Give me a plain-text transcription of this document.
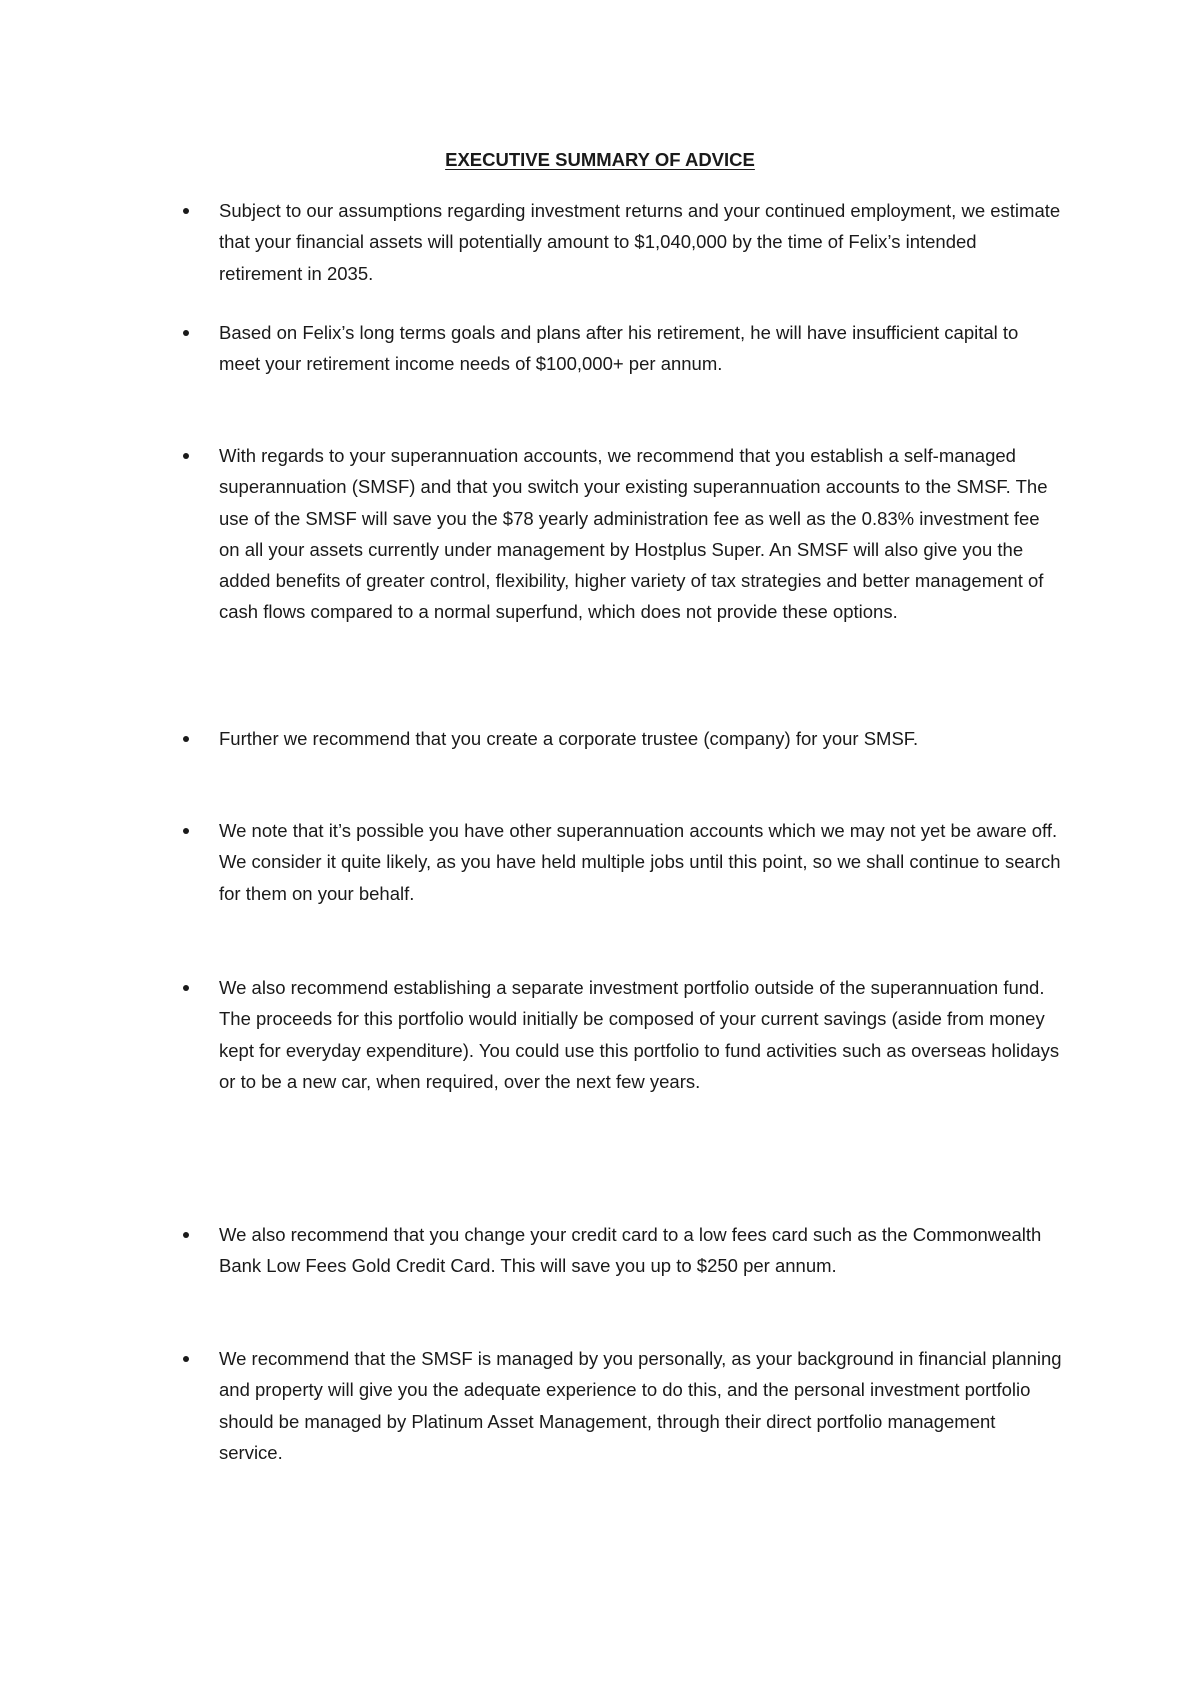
EXECUTIVE SUMMARY OF ADVICE

Subject to our assumptions regarding investment returns and your continued employment, we estimate that your financial assets will potentially amount to $1,040,000 by the time of Felix’s intended retirement in 2035.

Based on Felix’s long terms goals and plans after his retirement, he will have insufficient capital to meet your retirement income needs of $100,000+ per annum.

With regards to your superannuation accounts, we recommend that you establish a self-managed superannuation (SMSF) and that you switch your existing superannuation accounts to the SMSF. The use of the SMSF will save you the $78 yearly administration fee as well as the 0.83% investment fee on all your assets currently under management by Hostplus Super. An SMSF will also give you the added benefits of greater control, flexibility, higher variety of tax strategies and better management of cash flows compared to a normal superfund, which does not provide these options.

Further we recommend that you create a corporate trustee (company) for your SMSF.

We note that it’s possible you have other superannuation accounts which we may not yet be aware off. We consider it quite likely, as you have held multiple jobs until this point, so we shall continue to search for them on your behalf.

We also recommend establishing a separate investment portfolio outside of the superannuation fund. The proceeds for this portfolio would initially be composed of your current savings (aside from money kept for everyday expenditure). You could use this portfolio to fund activities such as overseas holidays or to be a new car, when required, over the next few years.

We also recommend that you change your credit card to a low fees card such as the Commonwealth Bank Low Fees Gold Credit Card. This will save you up to $250 per annum.

We recommend that the SMSF is managed by you personally, as your background in financial planning and property will give you the adequate experience to do this, and the personal investment portfolio should be managed by Platinum Asset Management, through their direct portfolio management service.
